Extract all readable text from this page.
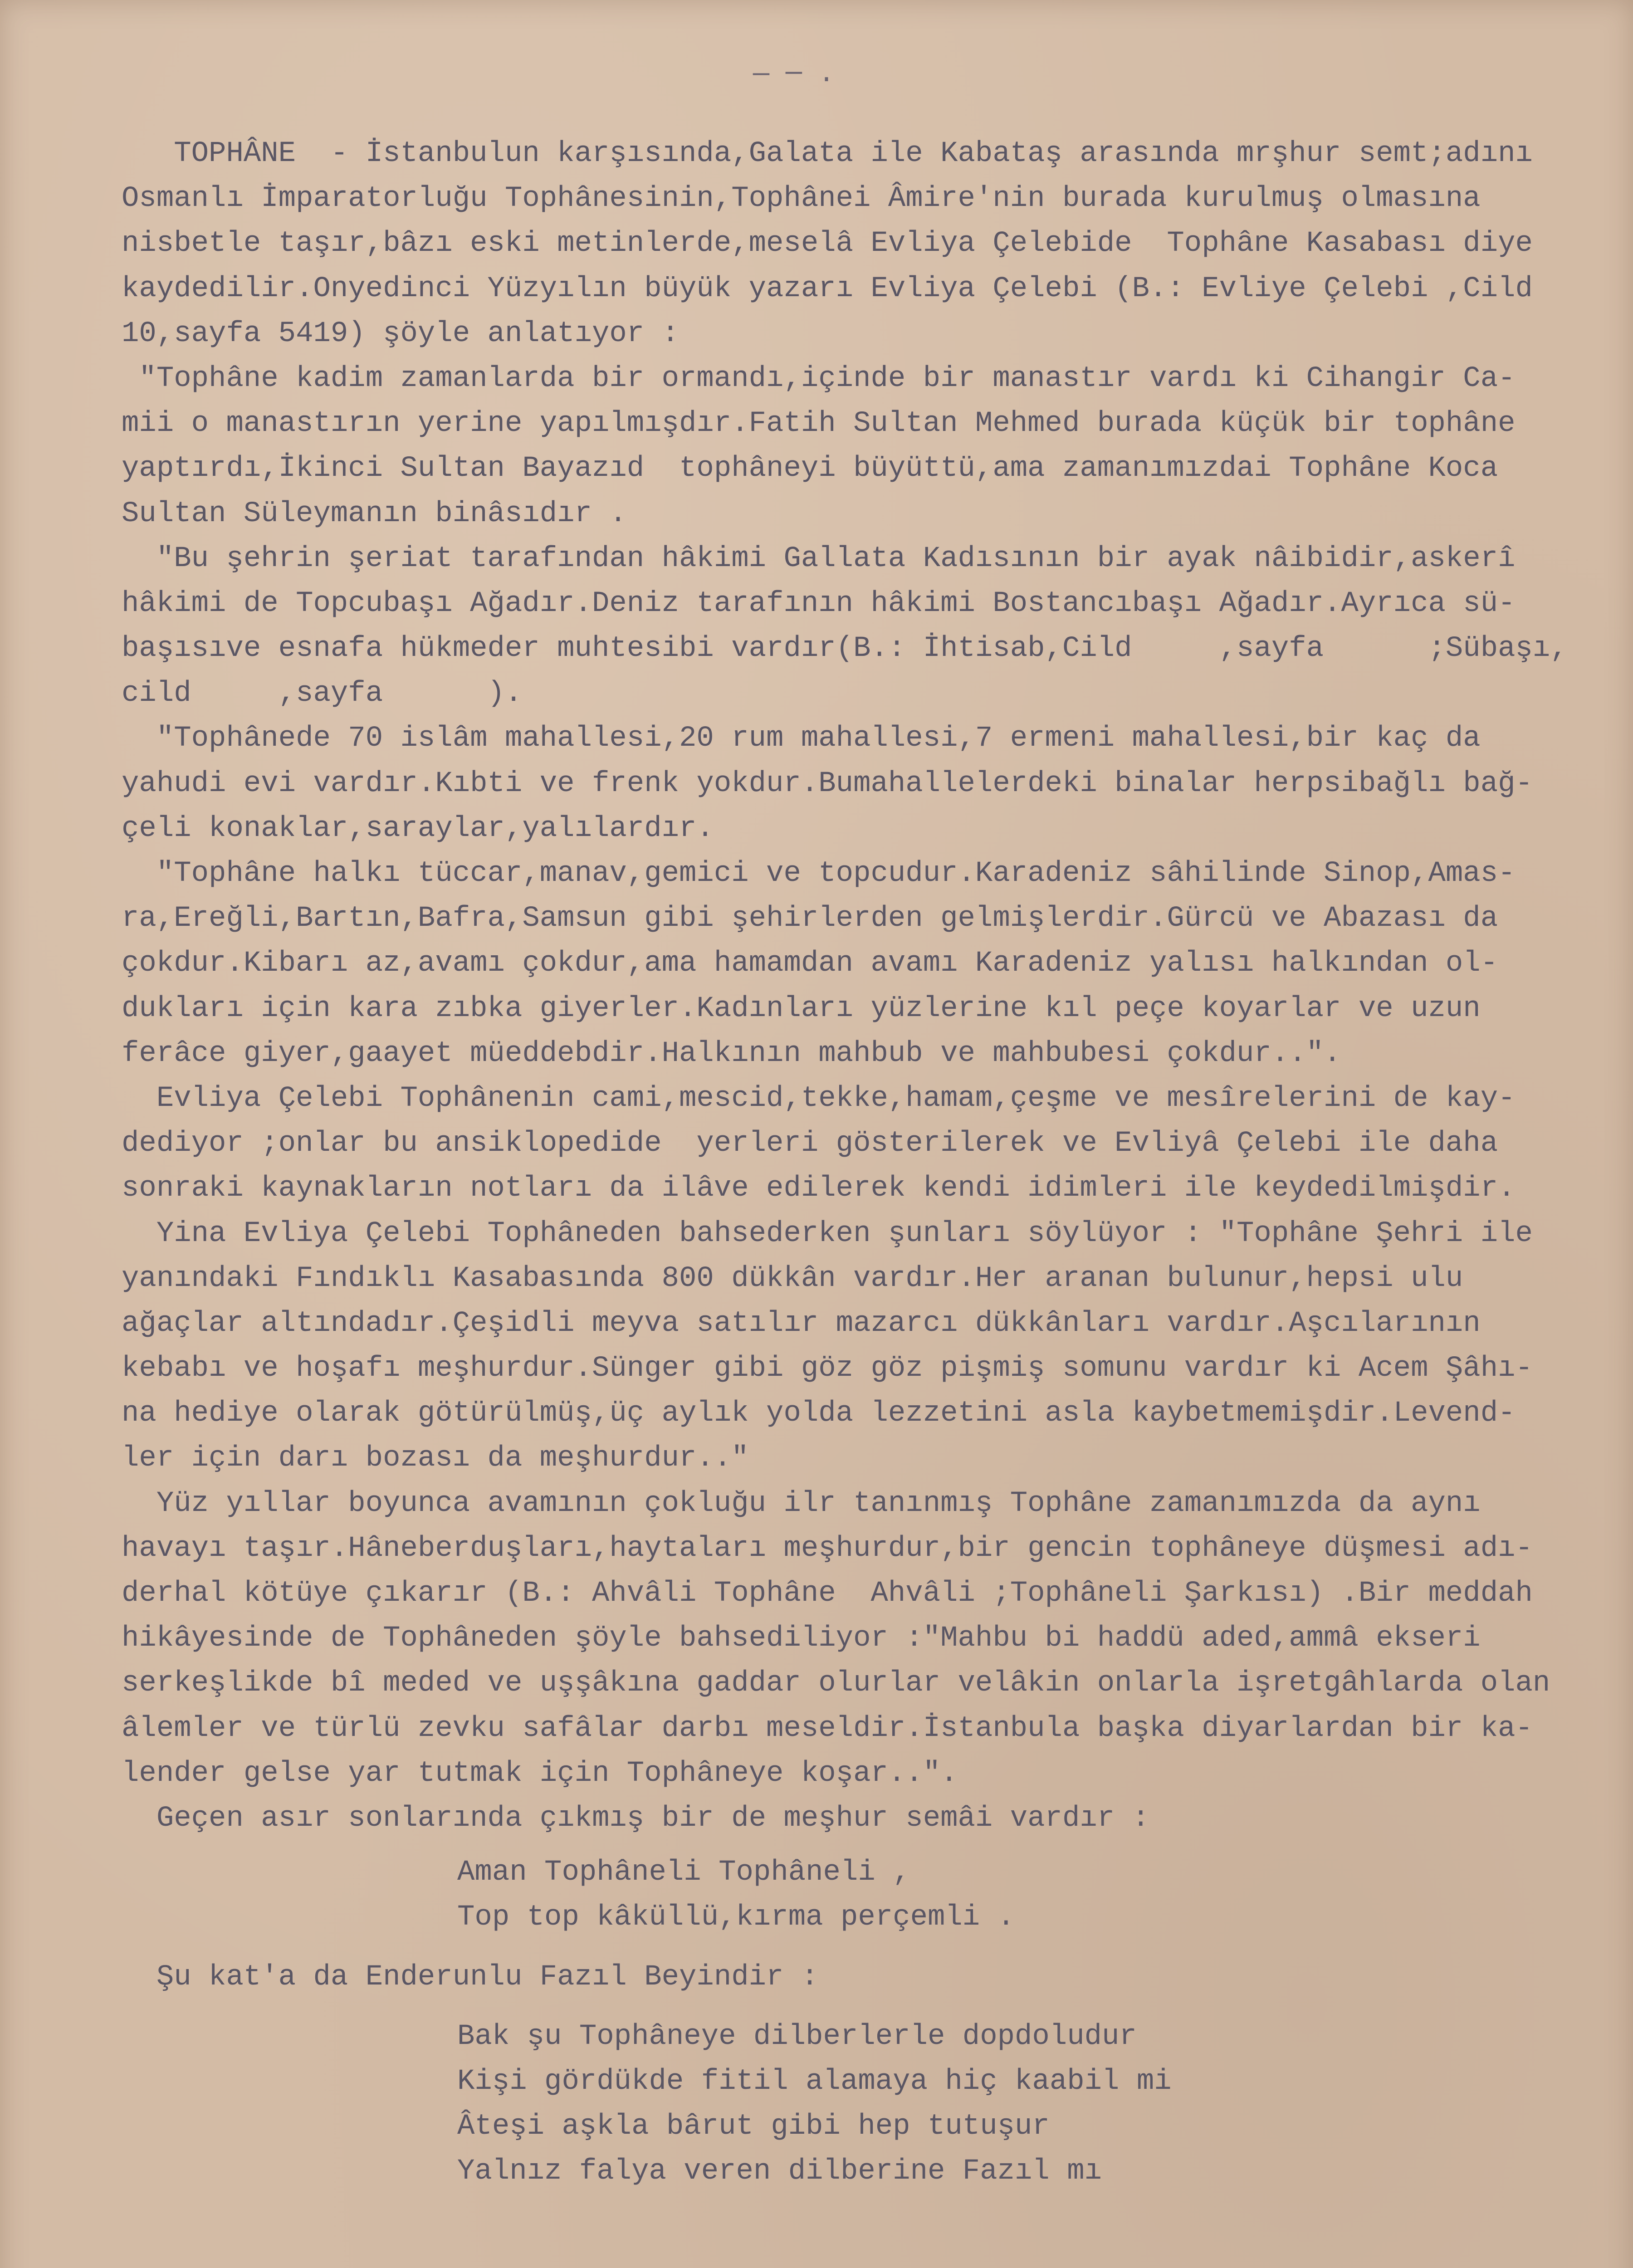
— ─ .
TOPHÂNE  - İstanbulun karşısında,Galata ile Kabataş arasında mrşhur semt;adını
Osmanlı İmparatorluğu Tophânesinin,Tophânei Âmire'nin burada kurulmuş olmasına
nisbetle taşır,bâzı eski metinlerde,meselâ Evliya Çelebide  Tophâne Kasabası diye
kaydedilir.Onyedinci Yüzyılın büyük yazarı Evliya Çelebi (B.: Evliye Çelebi ,Cild
10,sayfa 5419) şöyle anlatıyor :
"Tophâne kadim zamanlarda bir ormandı,içinde bir manastır vardı ki Cihangir Ca-
mii o manastırın yerine yapılmışdır.Fatih Sultan Mehmed burada küçük bir tophâne
yaptırdı,İkinci Sultan Bayazıd  tophâneyi büyüttü,ama zamanımızdai Tophâne Koca
Sultan Süleymanın binâsıdır .
"Bu şehrin şeriat tarafından hâkimi Gallata Kadısının bir ayak nâibidir,askerî
hâkimi de Topcubaşı Ağadır.Deniz tarafının hâkimi Bostancıbaşı Ağadır.Ayrıca sü-
başısıve esnafa hükmeder muhtesibi vardır(B.: İhtisab,Cild     ,sayfa      ;Sübaşı,
cild     ,sayfa      ).
"Tophânede 70 islâm mahallesi,20 rum mahallesi,7 ermeni mahallesi,bir kaç da
yahudi evi vardır.Kıbti ve frenk yokdur.Bumahallelerdeki binalar herpsibağlı bağ-
çeli konaklar,saraylar,yalılardır.
"Tophâne halkı tüccar,manav,gemici ve topcudur.Karadeniz sâhilinde Sinop,Amas-
ra,Ereğli,Bartın,Bafra,Samsun gibi şehirlerden gelmişlerdir.Gürcü ve Abazası da
çokdur.Kibarı az,avamı çokdur,ama hamamdan avamı Karadeniz yalısı halkından ol-
dukları için kara zıbka giyerler.Kadınları yüzlerine kıl peçe koyarlar ve uzun
ferâce giyer,gaayet müeddebdir.Halkının mahbub ve mahbubesi çokdur..".
Evliya Çelebi Tophânenin cami,mescid,tekke,hamam,çeşme ve mesîrelerini de kay-
dediyor ;onlar bu ansiklopedide  yerleri gösterilerek ve Evliyâ Çelebi ile daha
sonraki kaynakların notları da ilâve edilerek kendi idimleri ile keydedilmişdir.
Yina Evliya Çelebi Tophâneden bahsederken şunları söylüyor : "Tophâne Şehri ile
yanındaki Fındıklı Kasabasında 800 dükkân vardır.Her aranan bulunur,hepsi ulu
ağaçlar altındadır.Çeşidli meyva satılır mazarcı dükkânları vardır.Aşcılarının
kebabı ve hoşafı meşhurdur.Sünger gibi göz göz pişmiş somunu vardır ki Acem Şâhı-
na hediye olarak götürülmüş,üç aylık yolda lezzetini asla kaybetmemişdir.Levend-
ler için darı bozası da meşhurdur.."
Yüz yıllar boyunca avamının çokluğu ilr tanınmış Tophâne zamanımızda da aynı
havayı taşır.Hâneberduşları,haytaları meşhurdur,bir gencin tophâneye düşmesi adı-
derhal kötüye çıkarır (B.: Ahvâli Tophâne  Ahvâli ;Tophâneli Şarkısı) .Bir meddah
hikâyesinde de Tophâneden şöyle bahsediliyor :"Mahbu bi haddü aded,ammâ ekseri
serkeşlikde bî meded ve uşşâkına gaddar olurlar velâkin onlarla işretgâhlarda olan
âlemler ve türlü zevku safâlar darbı meseldir.İstanbula başka diyarlardan bir ka-
lender gelse yar tutmak için Tophâneye koşar..".
Geçen asır sonlarında çıkmış bir de meşhur semâi vardır :
Aman Tophâneli Tophâneli ,
Top top kâküllü,kırma perçemli .
Şu kat'a da Enderunlu Fazıl Beyindir :
Bak şu Tophâneye dilberlerle dopdoludur
Kişi gördükde fitil alamaya hiç kaabil mi
Âteşi aşkla bârut gibi hep tutuşur
Yalnız falya veren dilberine Fazıl mı
